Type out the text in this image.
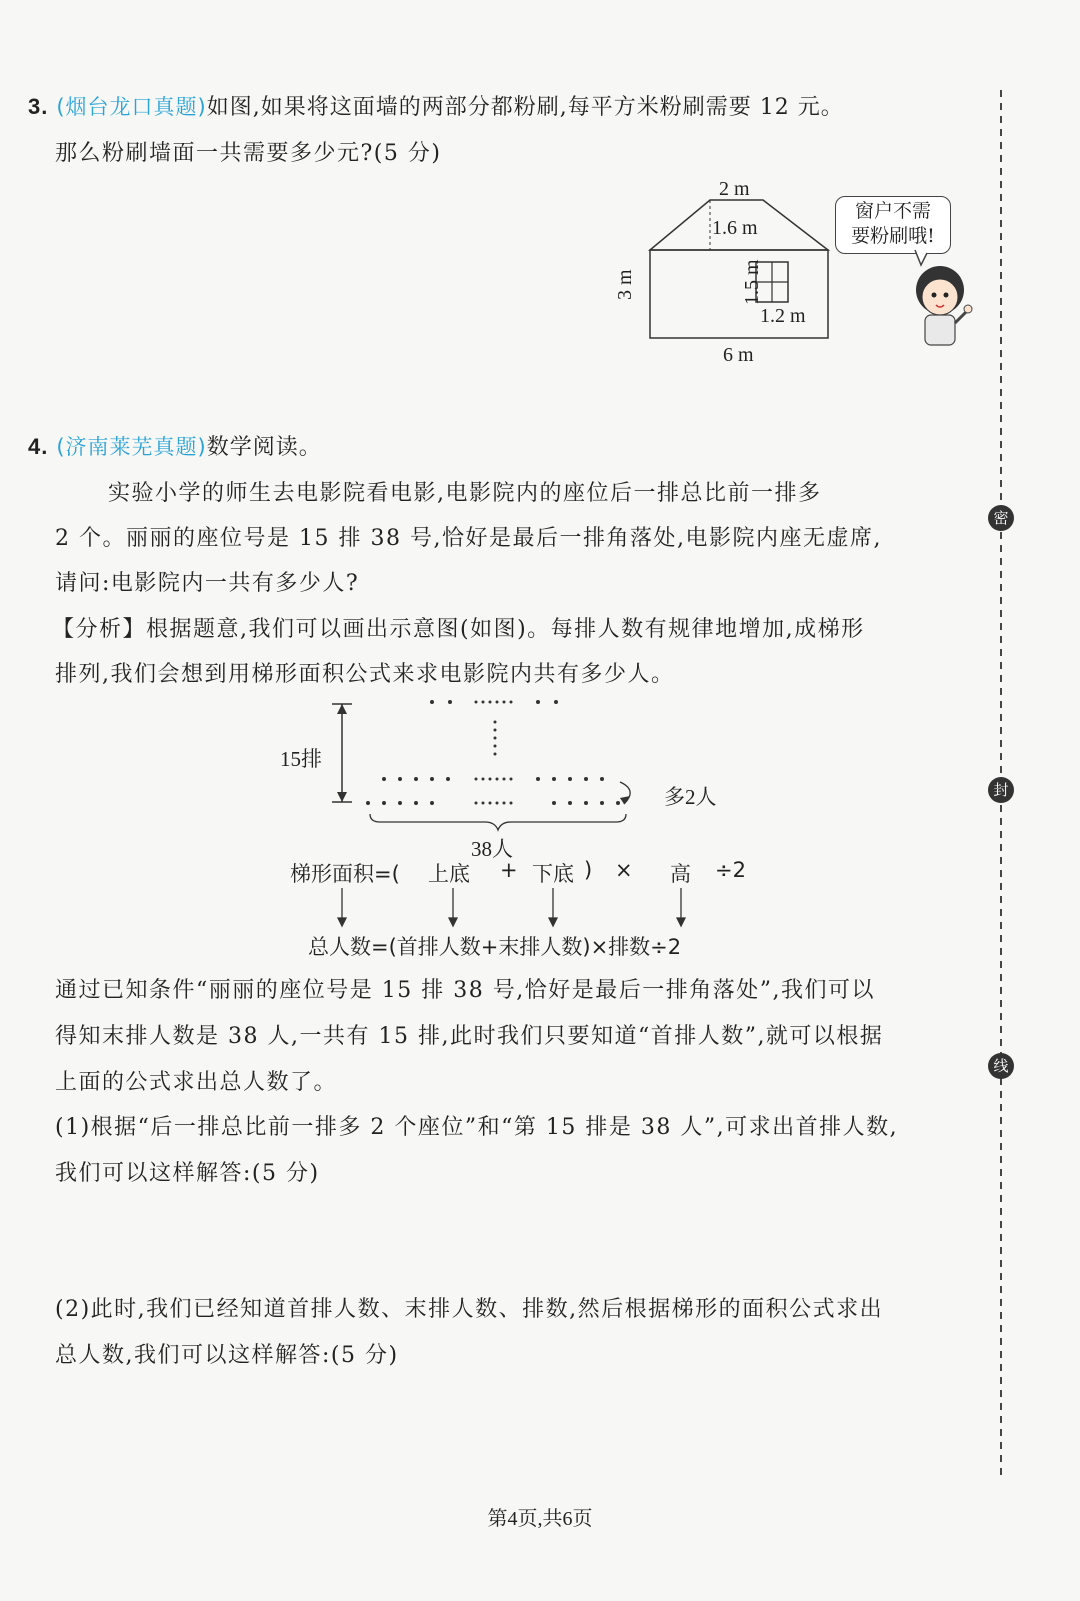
密
封
线
3. (烟台龙口真题)如图,如果将这面墙的两部分都粉刷,每平方米粉刷需要 12 元。
那么粉刷墙面一共需要多少元?(5 分)
2 m
1.6 m
3 m	1.5 m
1.2 m
6 m
窗户不需
要粉刷哦!
4. (济南莱芜真题)数学阅读。
实验小学的师生去电影院看电影,电影院内的座位后一排总比前一排多
2 个。丽丽的座位号是 15 排 38 号,恰好是最后一排角落处,电影院内座无虚席,
请问:电影院内一共有多少人?
【分析】根据题意,我们可以画出示意图(如图)。每排人数有规律地增加,成梯形
排列,我们会想到用梯形面积公式来求电影院内共有多少人。
15排
多2人
38人
梯形面积=( 上底 + 下底 ) × 高 ÷2
总人数=(首排人数+末排人数)×排数÷2
通过已知条件“丽丽的座位号是 15 排 38 号,恰好是最后一排角落处”,我们可以
得知末排人数是 38 人,一共有 15 排,此时我们只要知道“首排人数”,就可以根据
上面的公式求出总人数了。
(1)根据“后一排总比前一排多 2 个座位”和“第 15 排是 38 人”,可求出首排人数,
我们可以这样解答:(5 分)
(2)此时,我们已经知道首排人数、末排人数、排数,然后根据梯形的面积公式求出
总人数,我们可以这样解答:(5 分)
第4页,共6页
